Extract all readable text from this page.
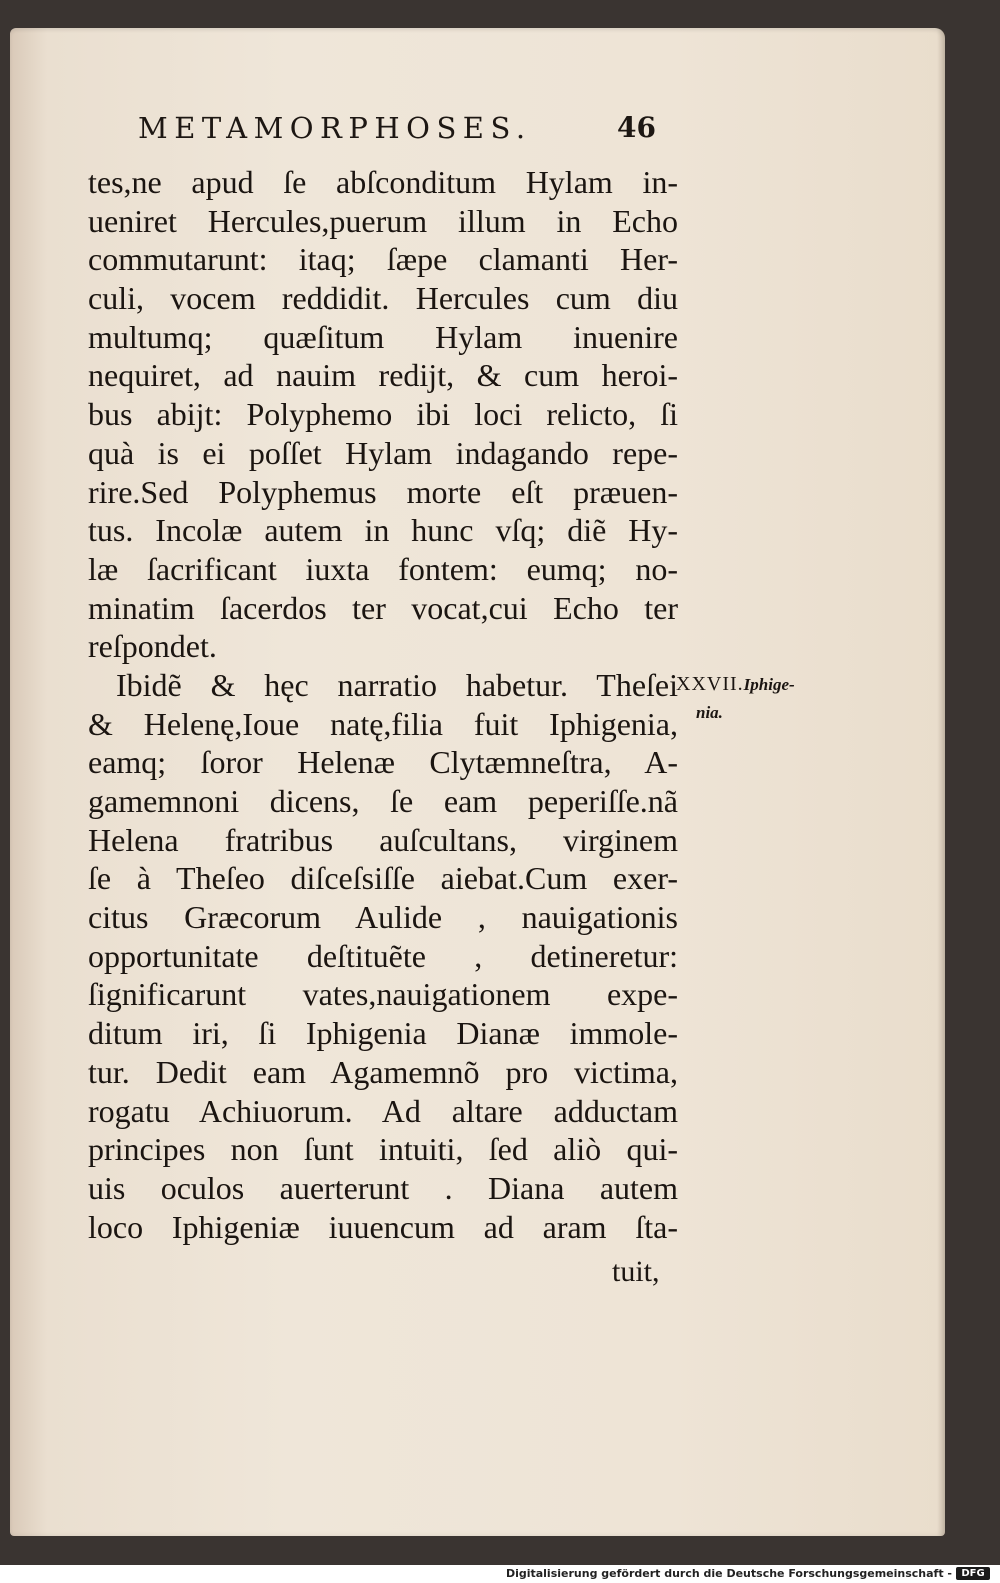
METAMORPHOSES.	46
tes,ne apud ſe abſconditum Hylam in-
ueniret Hercules,puerum illum in Echo
commutarunt: itaq; ſæpe clamanti Her-
culi, vocem reddidit. Hercules cum diu
multumq; quæſitum Hylam inuenire
nequiret, ad nauim redijt, & cum heroi-
bus abijt: Polyphemo ibi loci relicto, ſi
quà is ei poſſet Hylam indagando repe-
rire.Sed Polyphemus morte eſt præuen-
tus. Incolæ autem in hunc vſq; diẽ Hy-
læ ſacrificant iuxta fontem: eumq; no-
minatim ſacerdos ter vocat,cui Echo ter
reſpondet.
Ibidẽ & hęc narratio habetur. Theſei
& Helenę,Ioue natę,filia fuit Iphigenia,
eamq; ſoror Helenæ Clytæmneſtra, A-
gamemnoni dicens, ſe eam peperiſſe.nã
Helena fratribus auſcultans, virginem
ſe à Theſeo diſceſsiſſe aiebat.Cum exer-
citus Græcorum Aulide , nauigationis
opportunitate deſtituẽte , detineretur:
ſignificarunt vates,nauigationem expe-
ditum iri, ſi Iphigenia Dianæ immole-
tur. Dedit eam Agamemnõ pro victima,
rogatu Achiuorum. Ad altare adductam
principes non ſunt intuiti, ſed aliò qui-
uis oculos auerterunt . Diana autem
loco Iphigeniæ iuuencum ad aram ſta-
tuit,
XXVII.Iphige-
nia.
Digitalisierung gefördert durch die Deutsche Forschungsgemeinschaft - DFG
